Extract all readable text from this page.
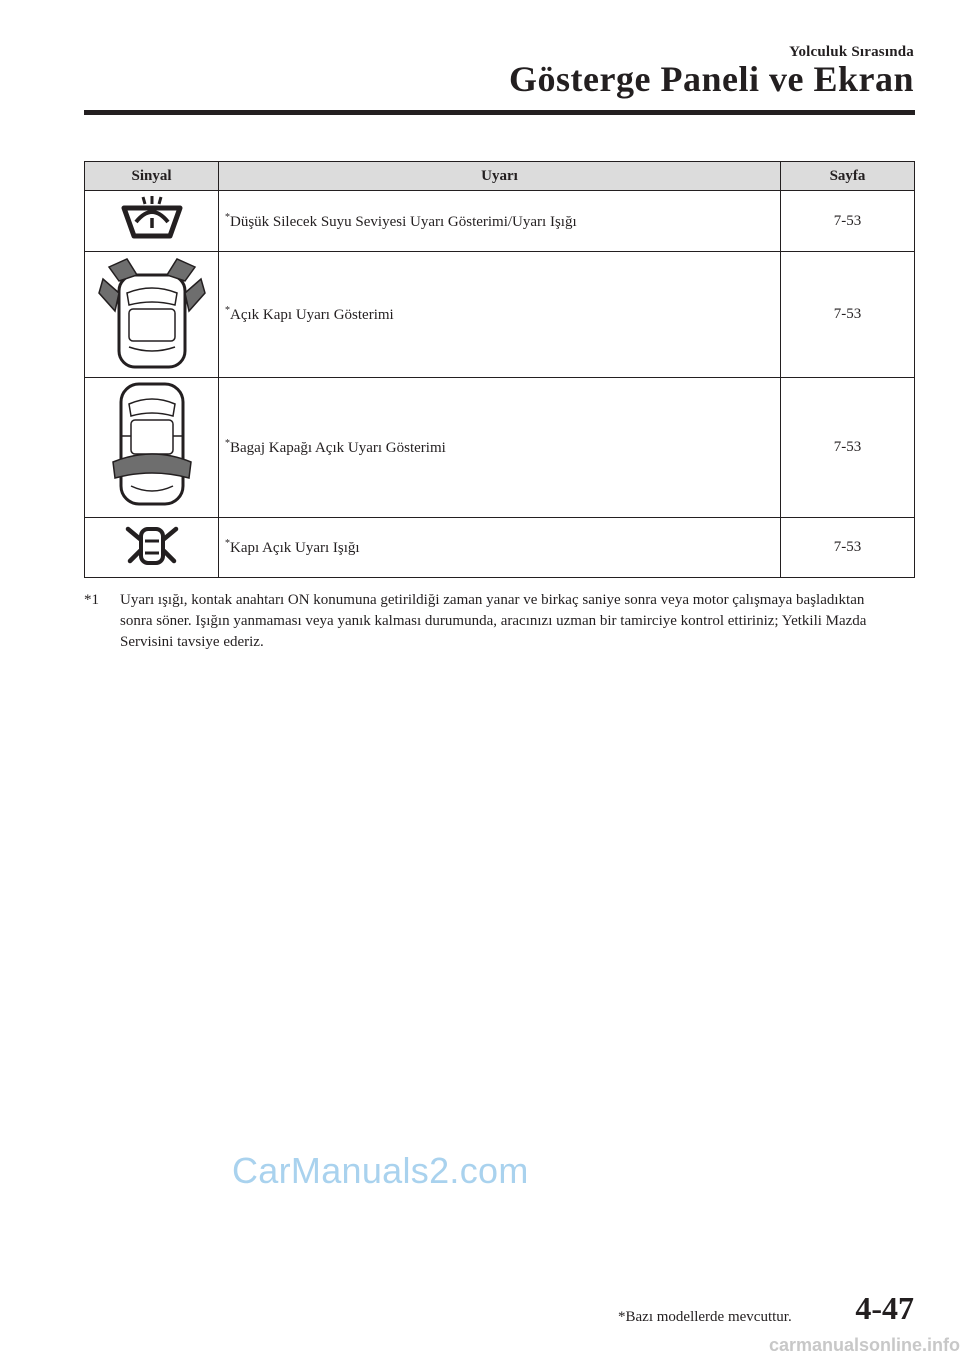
Yolculuk Sırasında
Gösterge Paneli ve Ekran
Sinyal	Uyarı	Sayfa
	*Düşük Silecek Suyu Seviyesi Uyarı Gösterimi/Uyarı Işığı	7-53
	*Açık Kapı Uyarı Gösterimi	7-53
	*Bagaj Kapağı Açık Uyarı Gösterimi	7-53
	*Kapı Açık Uyarı Işığı	7-53
*1 Uyarı ışığı, kontak anahtarı ON konumuna getirildiği zaman yanar ve birkaç saniye sonra veya motor çalışmaya başladıktan sonra söner. Işığın yanmaması veya yanık kalması durumunda, aracınızı uzman bir tamirciye kontrol ettiriniz; Yetkili Mazda Servisini tavsiye ederiz.
CarManuals2.com
*Bazı modellerde mevcuttur. 4-47
carmanualsonline.info
